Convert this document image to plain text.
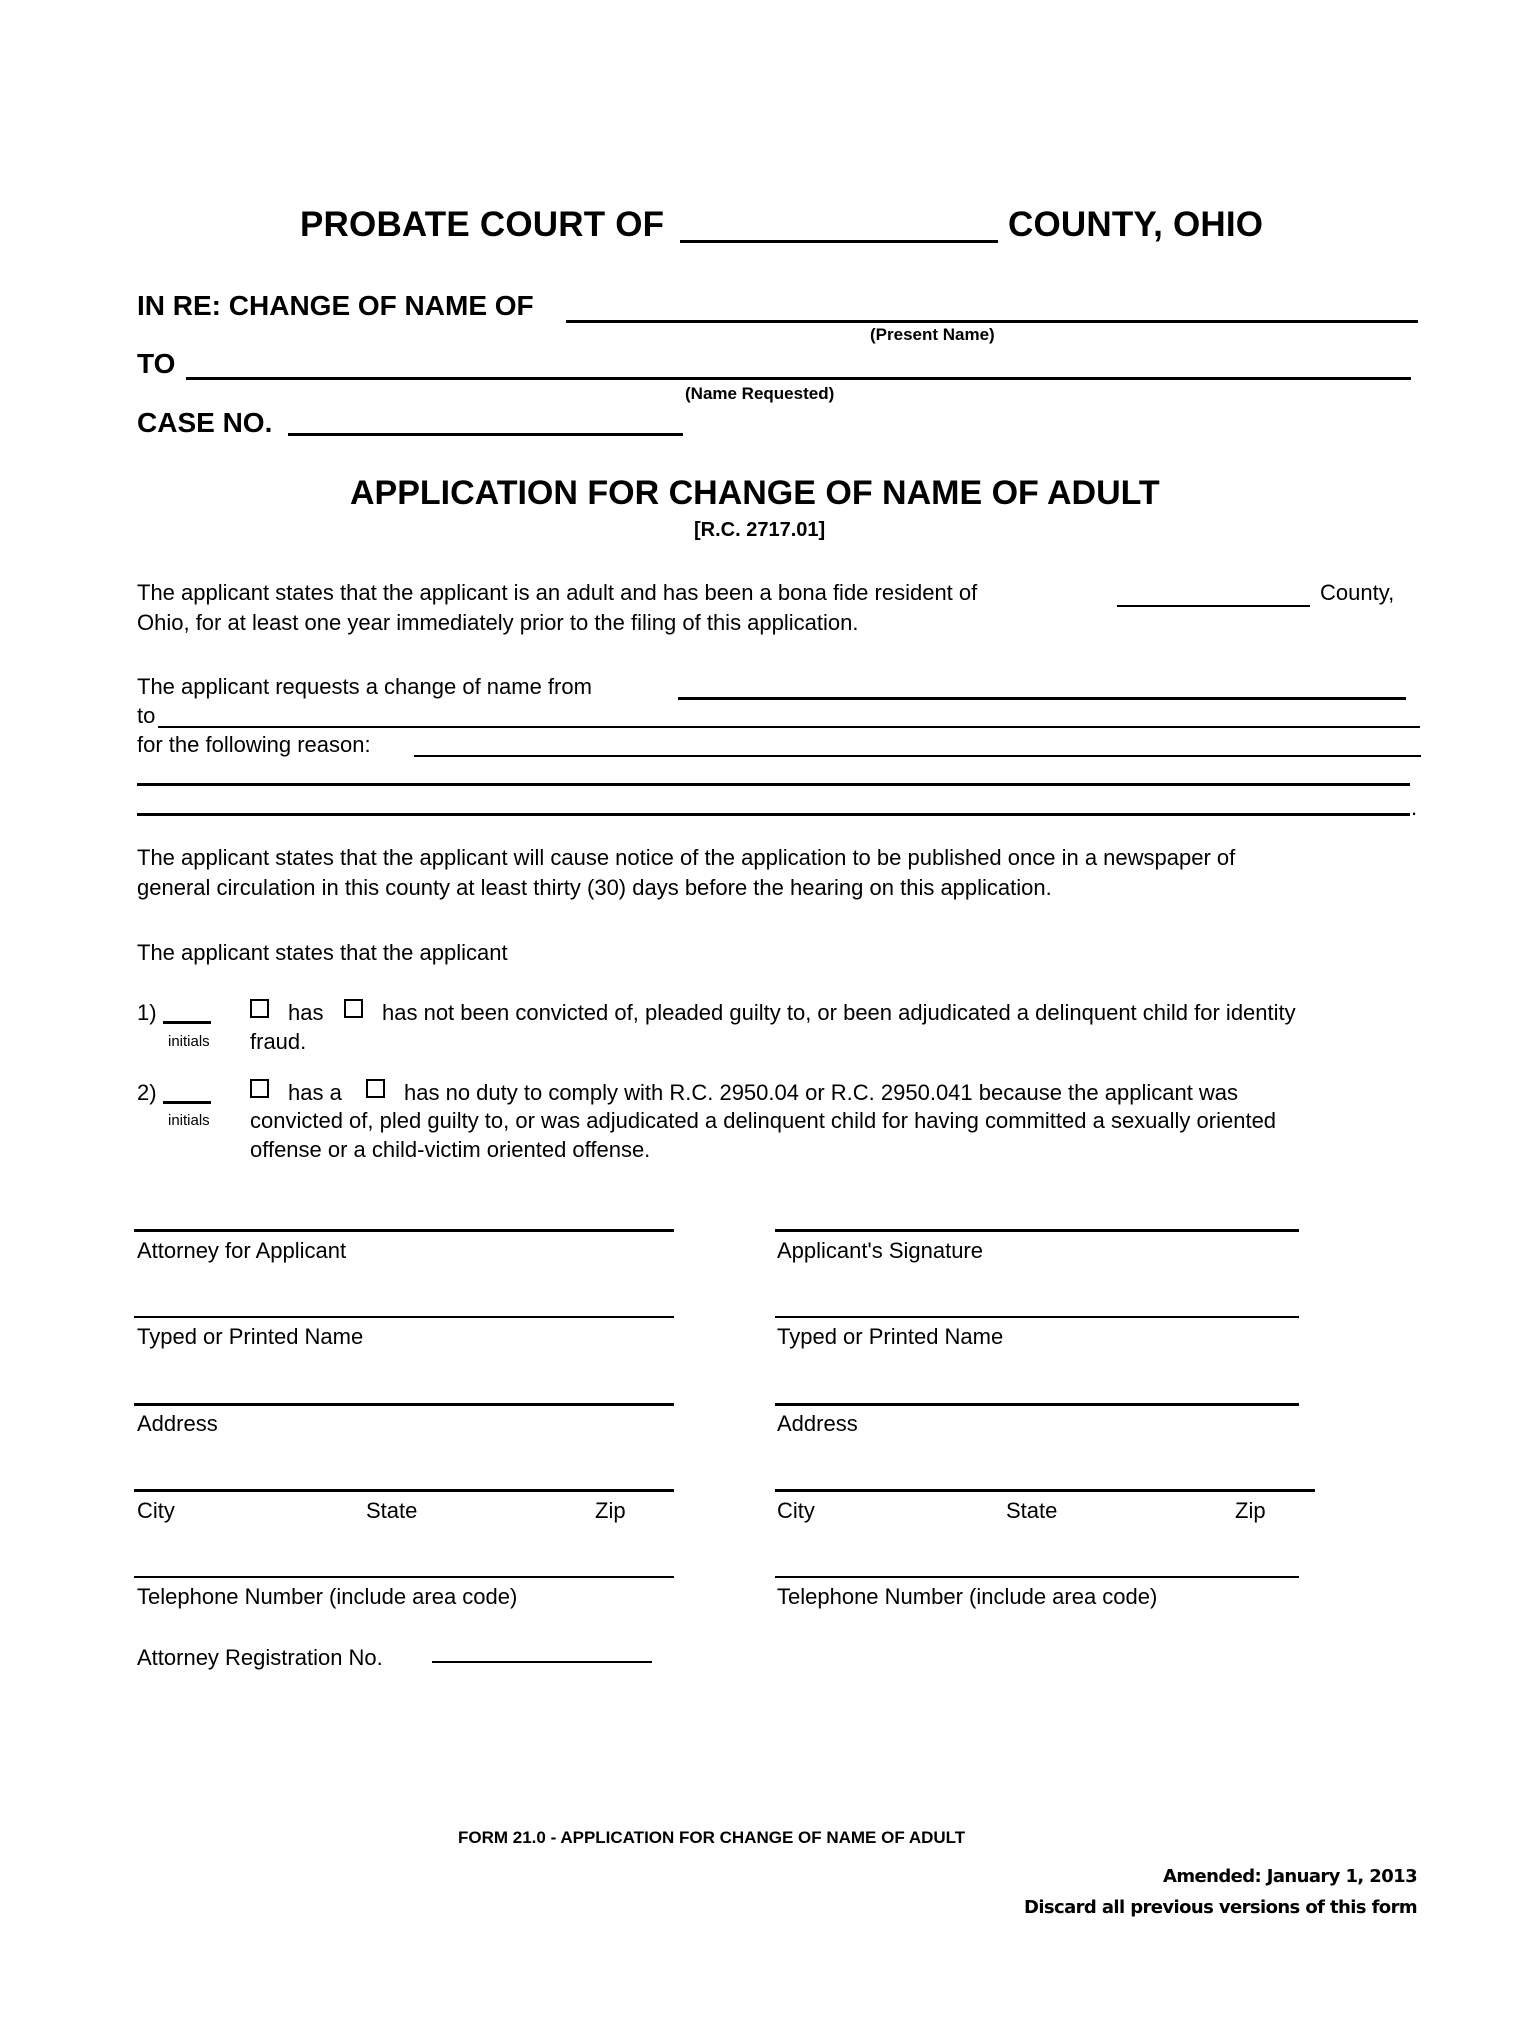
PROBATE COURT OF	COUNTY, OHIO
IN RE: CHANGE OF NAME OF
(Present Name)
TO
(Name Requested)
CASE NO.
APPLICATION FOR CHANGE OF NAME OF ADULT
[R.C. 2717.01]
The applicant states that the applicant is an adult and has been a bona fide resident of	County,
Ohio, for at least one year immediately prior to the filing of this application.
The applicant requests a change of name from
to
for the following reason:
.
The applicant states that the applicant will cause notice of the application to be published once in a newspaper of
general circulation in this county at least thirty (30) days before the hearing on this application.
The applicant states that the applicant
1)
initials
has	has not been convicted of, pleaded guilty to, or been adjudicated a delinquent child for identity
fraud.
2)
initials
has a	has no duty to comply with R.C. 2950.04 or R.C. 2950.041 because the applicant was
convicted of, pled guilty to, or was adjudicated a delinquent child for having committed a sexually oriented
offense or a child-victim oriented offense.
Attorney for Applicant
Typed or Printed Name
Address
City	State	Zip
Telephone Number (include area code)
Attorney Registration No.
Applicant's Signature
Typed or Printed Name
Address
City	State	Zip
Telephone Number (include area code)
FORM 21.0 - APPLICATION FOR CHANGE OF NAME OF ADULT
Amended: January 1, 2013
Discard all previous versions of this form
